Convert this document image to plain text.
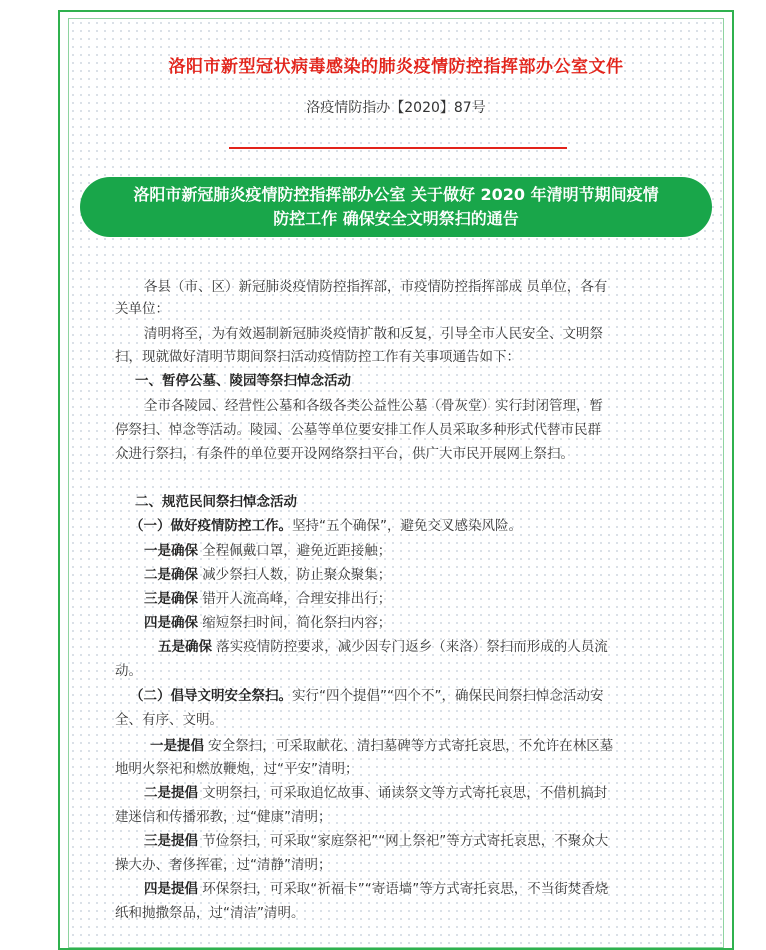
洛阳市新型冠状病毒感染的肺炎疫情防控指挥部办公室文件
洛疫情防指办【2020】87号
洛阳市新冠肺炎疫情防控指挥部办公室 关于做好 2020 年清明节期间疫情
防控工作 确保安全文明祭扫的通告
各县（市、区）新冠肺炎疫情防控指挥部，市疫情防控指挥部成 员单位，各有
关单位：
清明将至，为有效遏制新冠肺炎疫情扩散和反复，引导全市人民安全、文明祭
扫，现就做好清明节期间祭扫活动疫情防控工作有关事项通告如下：
一、暂停公墓、陵园等祭扫悼念活动
全市各陵园、经营性公墓和各级各类公益性公墓（骨灰堂）实行封闭管理，暂
停祭扫、悼念等活动。陵园、公墓等单位要安排工作人员采取多种形式代替市民群
众进行祭扫，有条件的单位要开设网络祭扫平台，供广大市民开展网上祭扫。
二、规范民间祭扫悼念活动
（一）做好疫情防控工作。坚持“五个确保”，避免交叉感染风险。
一是确保 全程佩戴口罩，避免近距接触；
二是确保 减少祭扫人数，防止聚众聚集；
三是确保 错开人流高峰，合理安排出行；
四是确保 缩短祭扫时间，简化祭扫内容；
五是确保 落实疫情防控要求，减少因专门返乡（来洛）祭扫而形成的人员流
动。
（二）倡导文明安全祭扫。实行“四个提倡”“四个不”，确保民间祭扫悼念活动安
全、有序、文明。
一是提倡 安全祭扫，可采取献花、清扫墓碑等方式寄托哀思，不允许在林区墓
地明火祭祀和燃放鞭炮，过“平安”清明；
二是提倡 文明祭扫，可采取追忆故事、诵读祭文等方式寄托哀思，不借机搞封
建迷信和传播邪教，过“健康”清明；
三是提倡 节俭祭扫，可采取“家庭祭祀”“网上祭祀”等方式寄托哀思，不聚众大
操大办、奢侈挥霍，过“清静”清明；
四是提倡 环保祭扫，可采取“祈福卡”“寄语墙”等方式寄托哀思，不当街焚香烧
纸和抛撒祭品，过“清洁”清明。
